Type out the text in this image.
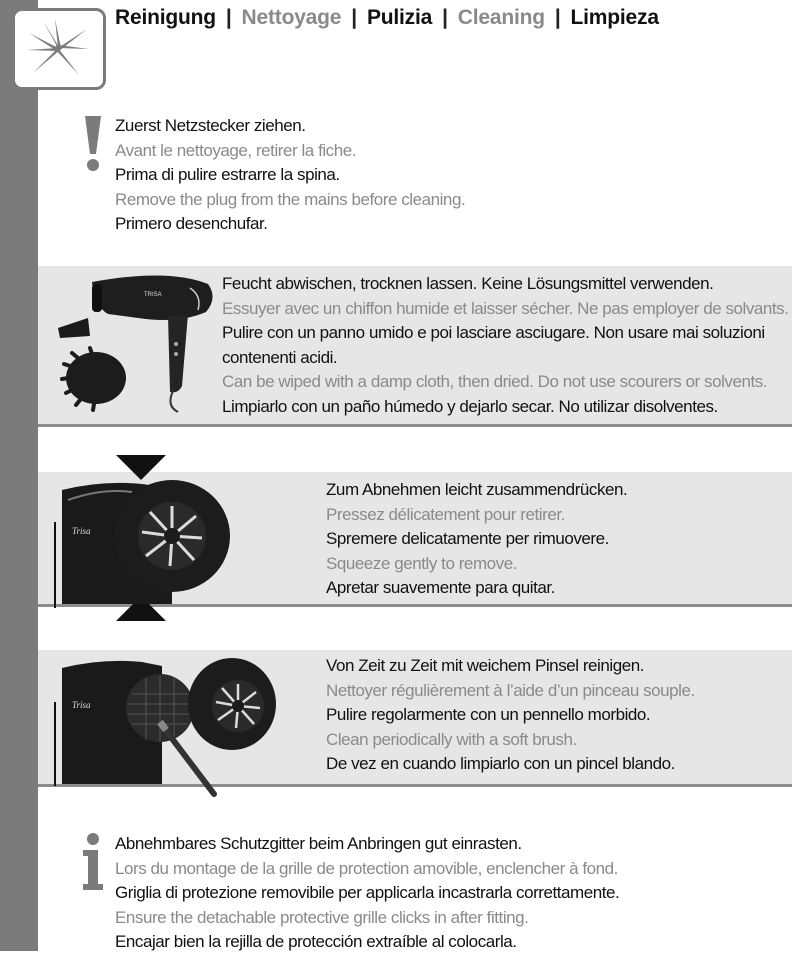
Reinigung | Nettoyage | Pulizia | Cleaning | Limpieza
Zuerst Netzstecker ziehen.
Avant le nettoyage, retirer la fiche.
Prima di pulire estrarre la spina.
Remove the plug from the mains before cleaning.
Primero desenchufar.
TRISA
Feucht abwischen, trocknen lassen. Keine Lösungsmittel verwenden.
Essuyer avec un chiffon humide et laisser sécher. Ne pas employer de solvants.
Pulire con un panno umido e poi lasciare asciugare. Non usare mai soluzioni
contenenti acidi.
Can be wiped with a damp cloth, then dried. Do not use scourers or solvents.
Limpiarlo con un paño húmedo y dejarlo secar. No utilizar disolventes.
Trisa
Zum Abnehmen leicht zusammendrücken.
Pressez délicatement pour retirer.
Spremere delicatamente per rimuovere.
Squeeze gently to remove.
Apretar suavemente para quitar.
Trisa
Von Zeit zu Zeit mit weichem Pinsel reinigen.
Nettoyer régulièrement à l’aide d’un pinceau souple.
Pulire regolarmente con un pennello morbido.
Clean periodically with a soft brush.
De vez en cuando limpiarlo con un pincel blando.
Abnehmbares Schutzgitter beim Anbringen gut einrasten.
Lors du montage de la grille de protection amovible, enclencher à fond.
Griglia di protezione removibile per applicarla incastrarla correttamente.
Ensure the detachable protective grille clicks in after fitting.
Encajar bien la rejilla de protección extraíble al colocarla.
